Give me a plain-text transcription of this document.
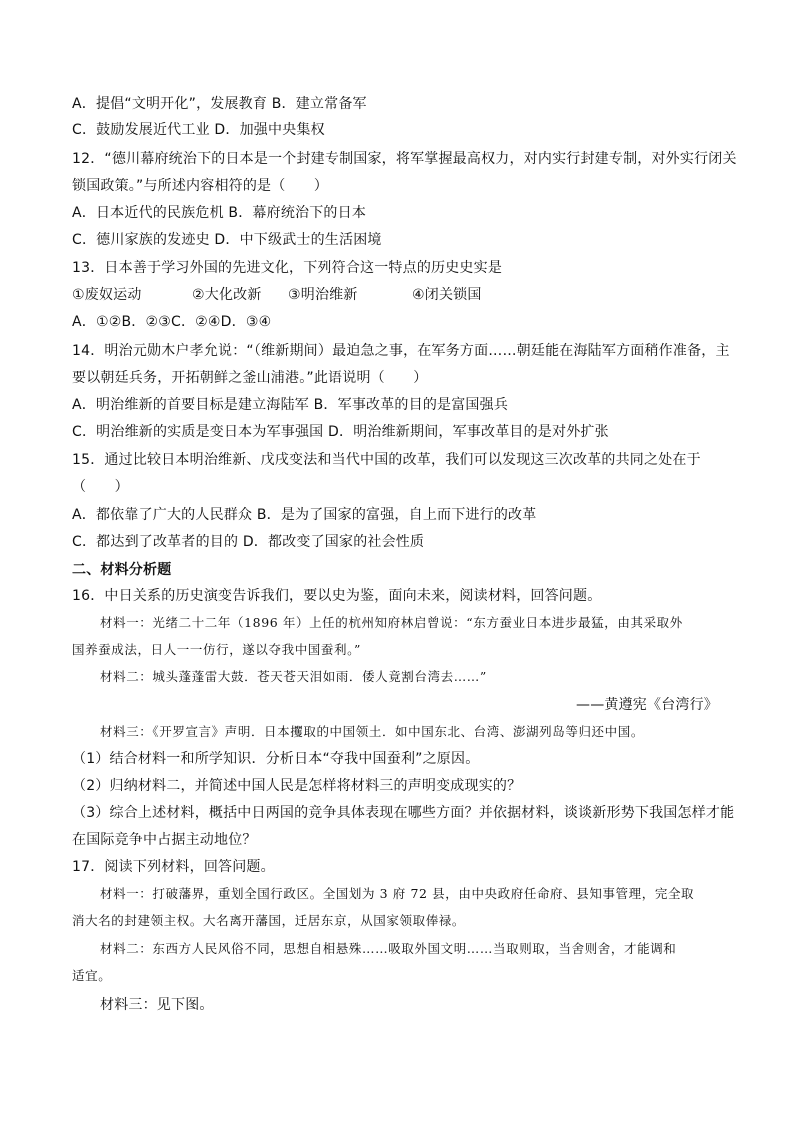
A．提倡“文明开化”，发展教育 B．建立常备军
C．鼓励发展近代工业 D．加强中央集权
12．“德川幕府统治下的日本是一个封建专制国家，将军掌握最高权力，对内实行封建专制，对外实行闭关
锁国政策。”与所述内容相符的是（　　）
A．日本近代的民族危机 B．幕府统治下的日本
C．德川家族的发迹史 D．中下级武士的生活困境
13．日本善于学习外国的先进文化，下列符合这一特点的历史史实是
①废奴运动	②大化改新 ③明治维新	④闭关锁国
A．①②B．②③C．②④D．③④
14．明治元勋木户孝允说：“（维新期间）最迫急之事，在军务方面……朝廷能在海陆军方面稍作准备，主
要以朝廷兵务，开拓朝鲜之釜山浦港。”此语说明（　　）
A．明治维新的首要目标是建立海陆军 B．军事改革的目的是富国强兵
C．明治维新的实质是变日本为军事强国 D．明治维新期间，军事改革目的是对外扩张
15．通过比较日本明治维新、戊戌变法和当代中国的改革，我们可以发现这三次改革的共同之处在于
（　　）
A．都依靠了广大的人民群众 B．是为了国家的富强，自上而下进行的改革
C．都达到了改革者的目的 D．都改变了国家的社会性质
二、材料分析题
16．中日关系的历史演变告诉我们，要以史为鉴，面向未来，阅读材料，回答问题。
材料一：光绪二十二年（1896 年）上任的杭州知府林启曾说：“东方蚕业日本进步最猛，由其采取外
国养蚕成法，日人一一仿行，遂以夺我中国蚕利。”
材料二：城头蓬蓬雷大鼓．苍天苍天泪如雨．倭人竟割台湾去……”
——黄遵宪《台湾行》
材料三：《开罗宣言》声明．日本攫取的中国领土．如中国东北、台湾、澎湖列岛等归还中国。
（1）结合材料一和所学知识．分析日本“夺我中国蚕利”之原因。
（2）归纳材料二，并简述中国人民是怎样将材料三的声明变成现实的？
（3）综合上述材料，概括中日两国的竞争具体表现在哪些方面？并依据材料，谈谈新形势下我国怎样才能
在国际竞争中占据主动地位？
17．阅读下列材料，回答问题。
材料一：打破藩界，重划全国行政区。全国划为 3 府 72 县，由中央政府任命府、县知事管理，完全取
消大名的封建领主权。大名离开藩国，迁居东京，从国家领取俸禄。
材料二：东西方人民风俗不同，思想自相悬殊……吸取外国文明……当取则取，当舍则舍，才能调和
适宜。
材料三：见下图。
